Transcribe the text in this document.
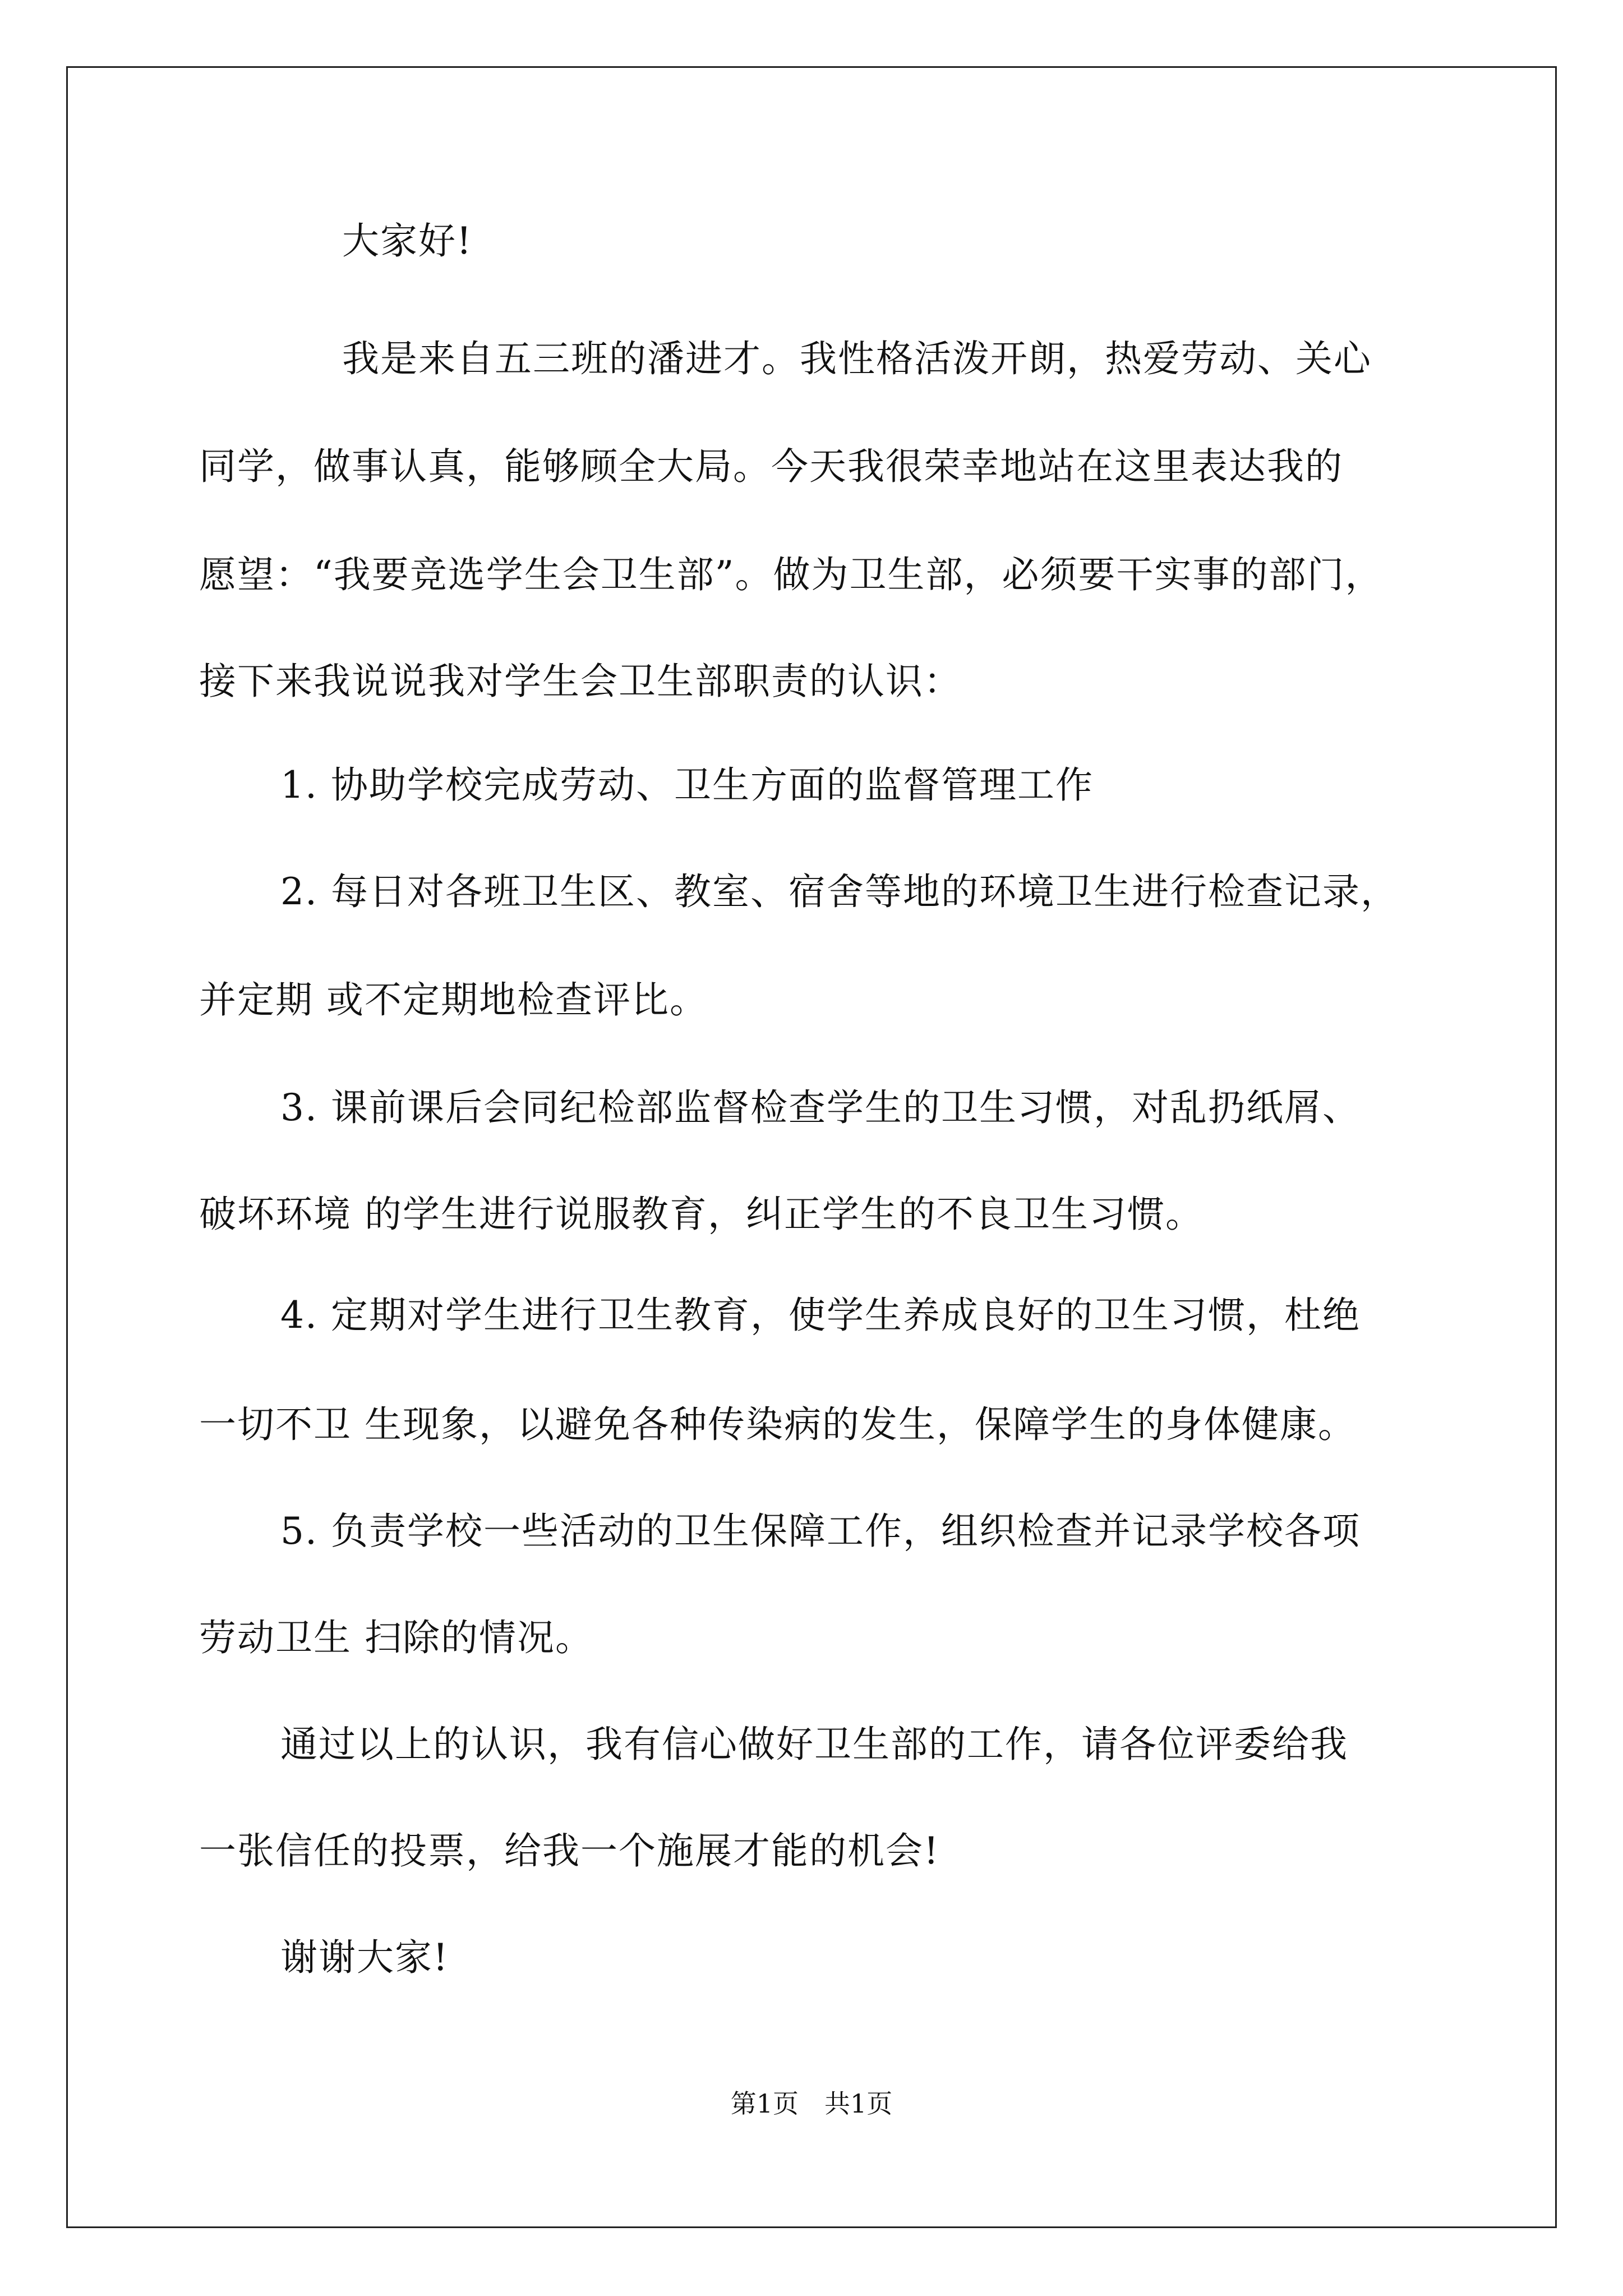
大家好!
我是来自五三班的潘进才。我性格活泼开朗，热爱劳动、关心
同学，做事认真，能够顾全大局。今天我很荣幸地站在这里表达我的
愿望：“我要竞选学生会卫生部”。做为卫生部，必须要干实事的部门，
接下来我说说我对学生会卫生部职责的认识：
1. 协助学校完成劳动、卫生方面的监督管理工作
2. 每日对各班卫生区、教室、宿舍等地的环境卫生进行检查记录，
并定期 或不定期地检查评比。
3. 课前课后会同纪检部监督检查学生的卫生习惯，对乱扔纸屑、
破坏环境 的学生进行说服教育，纠正学生的不良卫生习惯。
4. 定期对学生进行卫生教育，使学生养成良好的卫生习惯，杜绝
一切不卫 生现象，以避免各种传染病的发生，保障学生的身体健康。
5. 负责学校一些活动的卫生保障工作，组织检查并记录学校各项
劳动卫生 扫除的情况。
通过以上的认识，我有信心做好卫生部的工作，请各位评委给我
一张信任的投票，给我一个施展才能的机会!
谢谢大家!
第1页　共1页
